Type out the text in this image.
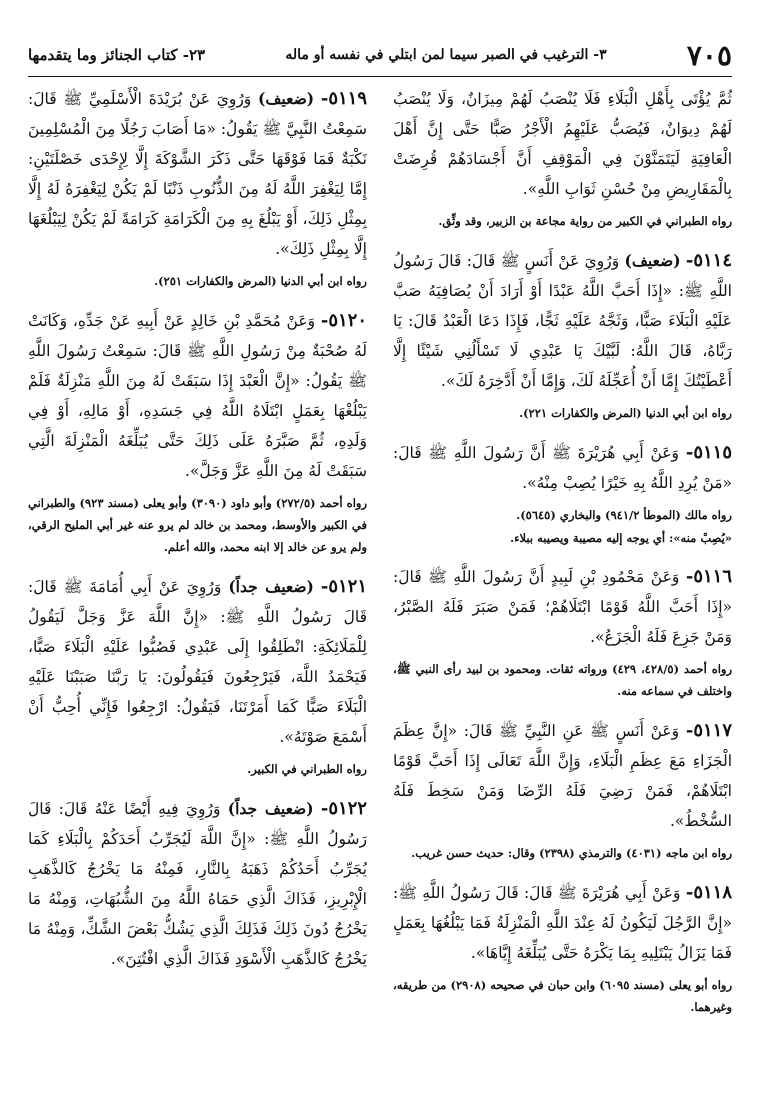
٧٠٥
٣- الترغيب في الصبر سيما لمن ابتلي في نفسه أو ماله
٢٣- كتاب الجنائز وما يتقدمها

ثُمَّ يُؤْتَى بِأَهْلِ الْبَلَاءِ فَلَا يُنْصَبُ لَهُمْ مِيزَانٌ، وَلَا يُنْصَبُ لَهُمْ دِيوَانٌ، فَيُصَبُّ عَلَيْهِمُ الْأَجْرُ صَبًّا حَتَّى إِنَّ أَهْلَ الْعَافِيَةِ لَيَتَمَنَّوْنَ فِي الْمَوْقِفِ أَنَّ أَجْسَادَهُمْ قُرِضَتْ بِالْمَقَارِيضِ مِنْ حُسْنِ ثَوَابِ اللَّهِ».

رواه الطبراني في الكبير من رواية مجاعة بن الزبير، وقد وثِّق.

٥١١٤- (ضعيف) وَرُوِيَ عَنْ أَنَسٍ ﷺ قَالَ: قَالَ رَسُولُ اللَّهِ ﷺ: «إِذَا أَحَبَّ اللَّهُ عَبْدًا أَوْ أَرَادَ أَنْ يُصَافِيَهُ صَبَّ عَلَيْهِ الْبَلَاءَ صَبًّا، وَثَجَّهُ عَلَيْهِ ثَجًّا، فَإِذَا دَعَا الْعَبْدُ قَالَ: يَا رَبَّاهُ، قَالَ اللَّهُ: لَبَّيْكَ يَا عَبْدِي لَا تَسْأَلُنِي شَيْئًا إِلَّا أَعْطَيْتُكَ إِمَّا أَنْ أُعَجِّلَهُ لَكَ، وَإِمَّا أَنْ أَدَّخِرَهُ لَكَ».

رواه ابن أبي الدنيا (المرض والكفارات ٢٢١).

٥١١٥- وَعَنْ أَبِي هُرَيْرَةَ ﷺ أَنَّ رَسُولَ اللَّهِ ﷺ قَالَ: «مَنْ يُرِدِ اللَّهُ بِهِ خَيْرًا يُصِبْ مِنْهُ».

رواه مالك (الموطأ ٩٤١/٢) والبخاري (٥٦٤٥).

«يُصِبْ منه»: أي يوجه إليه مصيبة ويصيبه ببلاء.

٥١١٦- وَعَنْ مَحْمُودِ بْنِ لَبِيدٍ أَنَّ رَسُولَ اللَّهِ ﷺ قَالَ: «إِذَا أَحَبَّ اللَّهُ قَوْمًا ابْتَلَاهُمْ؛ فَمَنْ صَبَرَ فَلَهُ الصَّبْرُ، وَمَنْ جَزِعَ فَلَهُ الْجَزَعُ».

رواه أحمد (٤٢٨/٥، ٤٢٩) ورواته ثقات. ومحمود بن لبيد رأى النبي ﷺ، واختلف في سماعه منه.

٥١١٧- وَعَنْ أَنَسٍ ﷺ عَنِ النَّبِيِّ ﷺ قَالَ: «إِنَّ عِظَمَ الْجَزَاءِ مَعَ عِظَمِ الْبَلَاءِ، وَإِنَّ اللَّهَ تَعَالَى إِذَا أَحَبَّ قَوْمًا ابْتَلَاهُمْ، فَمَنْ رَضِيَ فَلَهُ الرِّضَا وَمَنْ سَخِطَ فَلَهُ السُّخْطُ».

رواه ابن ماجه (٤٠٣١) والترمذي (٢٣٩٨) وقال: حديث حسن غريب.

٥١١٨- وَعَنْ أَبِي هُرَيْرَةَ ﷺ قَالَ: قَالَ رَسُولُ اللَّهِ ﷺ: «إِنَّ الرَّجُلَ لَيَكُونُ لَهُ عِنْدَ اللَّهِ الْمَنْزِلَةُ فَمَا يَبْلُغُهَا بِعَمَلٍ فَمَا يَزَالُ يَبْتَلِيهِ بِمَا يَكْرَهُ حَتَّى يُبَلِّغَهُ إِيَّاهَا».

رواه أبو يعلى (مسند ٦٠٩٥) وابن حبان في صحيحه (٢٩٠٨) من طريقه، وغيرهما.

٥١١٩- (ضعيف) وَرُوِيَ عَنْ بُرَيْدَةَ الْأَسْلَمِيِّ ﷺ قَالَ: سَمِعْتُ النَّبِيَّ ﷺ يَقُولُ: «مَا أَصَابَ رَجُلًا مِنَ الْمُسْلِمِينَ نَكْبَةٌ فَمَا فَوْقَهَا حَتَّى ذَكَرَ الشَّوْكَةَ إِلَّا لِإِحْدَى خَصْلَتَيْنِ: إِمَّا لِيَغْفِرَ اللَّهُ لَهُ مِنَ الذُّنُوبِ ذَنْبًا لَمْ يَكُنْ لِيَغْفِرَهُ لَهُ إِلَّا بِمِثْلِ ذَلِكَ، أَوْ يَبْلُغَ بِهِ مِنَ الْكَرَامَةِ كَرَامَةً لَمْ يَكُنْ لِيَبْلُغَهَا إِلَّا بِمِثْلِ ذَلِكَ».

رواه ابن أبي الدنيا (المرض والكفارات ٢٥١).

٥١٢٠- وَعَنْ مُحَمَّدِ بْنِ خَالِدٍ عَنْ أَبِيهِ عَنْ جَدِّهِ، وَكَانَتْ لَهُ صُحْبَةٌ مِنْ رَسُولِ اللَّهِ ﷺ قَالَ: سَمِعْتُ رَسُولَ اللَّهِ ﷺ يَقُولُ: «إِنَّ الْعَبْدَ إِذَا سَبَقَتْ لَهُ مِنَ اللَّهِ مَنْزِلَةٌ فَلَمْ يَبْلُغْهَا بِعَمَلٍ ابْتَلَاهُ اللَّهُ فِي جَسَدِهِ، أَوْ مَالِهِ، أَوْ فِي وَلَدِهِ، ثُمَّ صَبَّرَهُ عَلَى ذَلِكَ حَتَّى يُبَلِّغَهُ الْمَنْزِلَةَ الَّتِي سَبَقَتْ لَهُ مِنَ اللَّهِ عَزَّ وَجَلَّ».

رواه أحمد (٢٧٢/٥) وأبو داود (٣٠٩٠) وأبو يعلى (مسند ٩٢٣) والطبراني في الكبير والأوسط، ومحمد بن خالد لم يرو عنه غير أبي المليح الرقي، ولم يرو عن خالد إلا ابنه محمد، والله أعلم.

٥١٢١- (ضعيف جداً) وَرُوِيَ عَنْ أَبِي أُمَامَةَ ﷺ قَالَ: قَالَ رَسُولُ اللَّهِ ﷺ: «إِنَّ اللَّهَ عَزَّ وَجَلَّ لَيَقُولُ لِلْمَلَائِكَةِ: انْطَلِقُوا إِلَى عَبْدِي فَصُبُّوا عَلَيْهِ الْبَلَاءَ صَبًّا، فَيَحْمَدُ اللَّهَ، فَيَرْجِعُونَ فَيَقُولُونَ: يَا رَبَّنَا صَبَبْنَا عَلَيْهِ الْبَلَاءَ صَبًّا كَمَا أَمَرْتَنَا، فَيَقُولُ: ارْجِعُوا فَإِنِّي أُحِبُّ أَنْ أَسْمَعَ صَوْتَهُ».

رواه الطبراني في الكبير.

٥١٢٢- (ضعيف جداً) وَرُوِيَ فِيهِ أَيْضًا عَنْهُ قَالَ: قَالَ رَسُولُ اللَّهِ ﷺ: «إِنَّ اللَّهَ لَيُجَرِّبُ أَحَدَكُمْ بِالْبَلَاءِ كَمَا يُجَرِّبُ أَحَدُكُمْ ذَهَبَهُ بِالنَّارِ، فَمِنْهُ مَا يَخْرُجُ كَالذَّهَبِ الْإِبْرِيزِ، فَذَاكَ الَّذِي حَمَاهُ اللَّهُ مِنَ الشُّبُهَاتِ، وَمِنْهُ مَا يَخْرُجُ دُونَ ذَلِكَ فَذَلِكَ الَّذِي يَشُكُّ بَعْضَ الشَّكِّ، وَمِنْهُ مَا يَخْرُجُ كَالذَّهَبِ الْأَسْوَدِ فَذَاكَ الَّذِي افْتُتِنَ».
